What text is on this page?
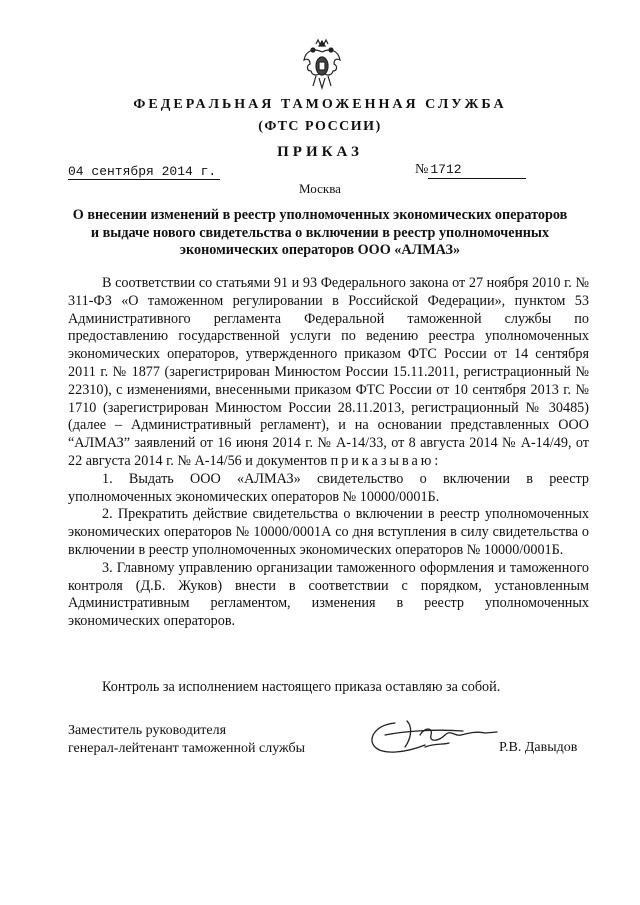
ФЕДЕРАЛЬНАЯ ТАМОЖЕННАЯ СЛУЖБА
(ФТС РОССИИ)
ПРИКАЗ
04 сентября 2014 г.	№ 1712
Москва
О внесении изменений в реестр уполномоченных экономических операторов
и выдаче нового свидетельства о включении в реестр уполномоченных
экономических операторов ООО «АЛМАЗ»

В соответствии со статьями 91 и 93 Федерального закона от 27 ноября 2010 г. № 311-ФЗ «О таможенном регулировании в Российской Федерации», пунктом 53 Административного регламента Федеральной таможенной службы по предоставлению государственной услуги по ведению реестра уполномоченных экономических операторов, утвержденного приказом ФТС России от 14 сентября 2011 г. № 1877 (зарегистрирован Минюстом России 15.11.2011, регистрационный № 22310), с изменениями, внесенными приказом ФТС России от 10 сентября 2013 г. № 1710 (зарегистрирован Минюстом России 28.11.2013, регистрационный № 30485) (далее – Административный регламент), и на основании представленных ООО “АЛМАЗ” заявлений от 16 июня 2014 г. № А-14/33, от 8 августа 2014 № А-14/49, от 22 августа 2014 г. № А-14/56 и документов приказываю:

1. Выдать ООО «АЛМАЗ» свидетельство о включении в реестр уполномоченных экономических операторов № 10000/0001Б.

2. Прекратить действие свидетельства о включении в реестр уполномоченных экономических операторов № 10000/0001А со дня вступления в силу свидетельства о включении в реестр уполномоченных экономических операторов № 10000/0001Б.

3. Главному управлению организации таможенного оформления и таможенного контроля (Д.Б. Жуков) внести в соответствии с порядком, установленным Административным регламентом, изменения в реестр уполномоченных экономических операторов.

Контроль за исполнением настоящего приказа оставляю за собой.
Заместитель руководителя
генерал-лейтенант таможенной службы	Р.В. Давыдов
